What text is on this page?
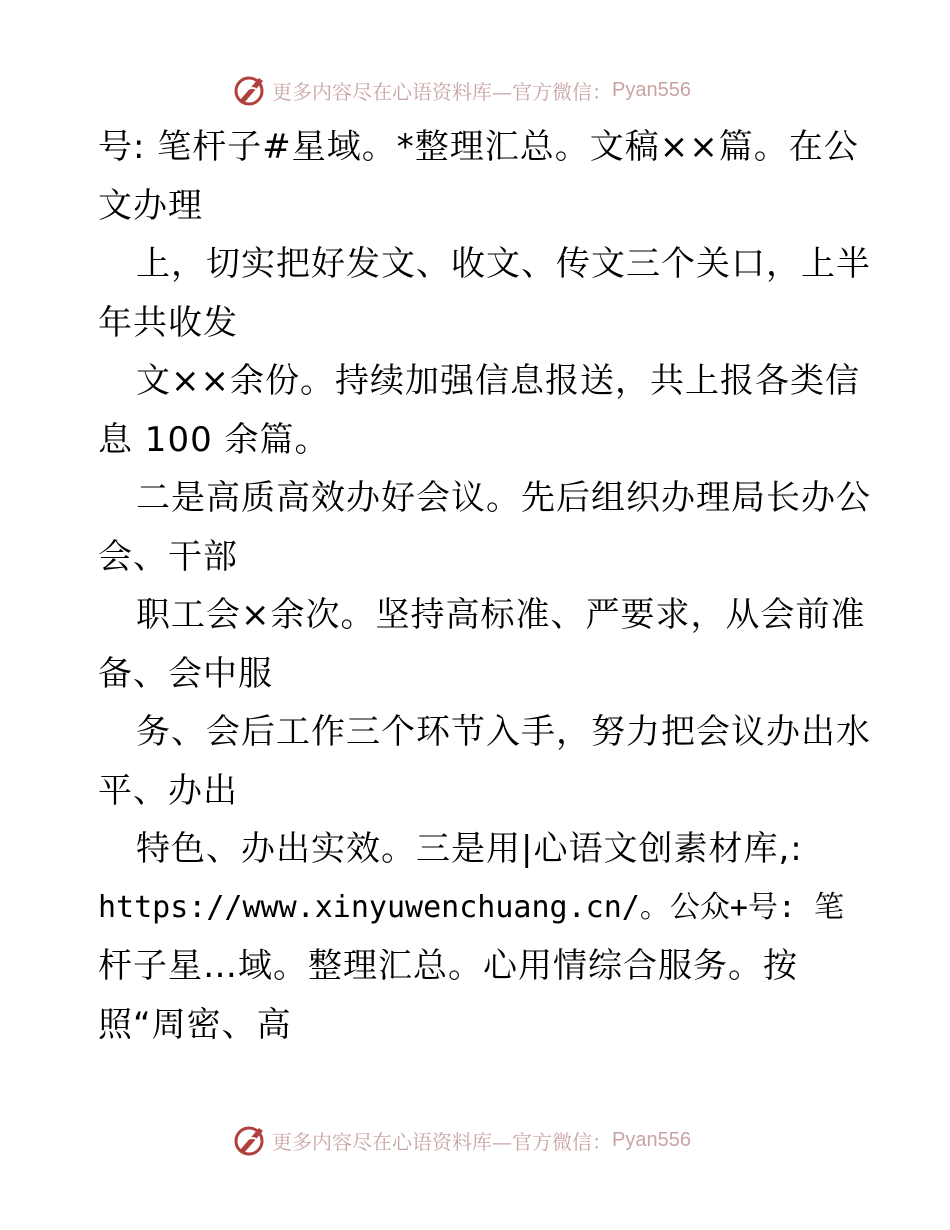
更多内容尽在心语资料库—官方微信： Pyan556
号: 笔杆子#星域。*整理汇总。文稿××篇。在公
文办理
上，切实把好发文、收文、传文三个关口，上半
年共收发
文××余份。持续加强信息报送，共上报各类信
息 100 余篇。
二是高质高效办好会议。先后组织办理局长办公
会、干部
职工会×余次。坚持高标准、严要求，从会前准
备、会中服
务、会后工作三个环节入手，努力把会议办出水
平、办出
特色、办出实效。三是用|心语文创素材库,:
https://www.xinyuwenchuang.cn/。公众+号: 笔
杆子星…域。整理汇总。心用情综合服务。按
照“周密、高
更多内容尽在心语资料库—官方微信： Pyan556
